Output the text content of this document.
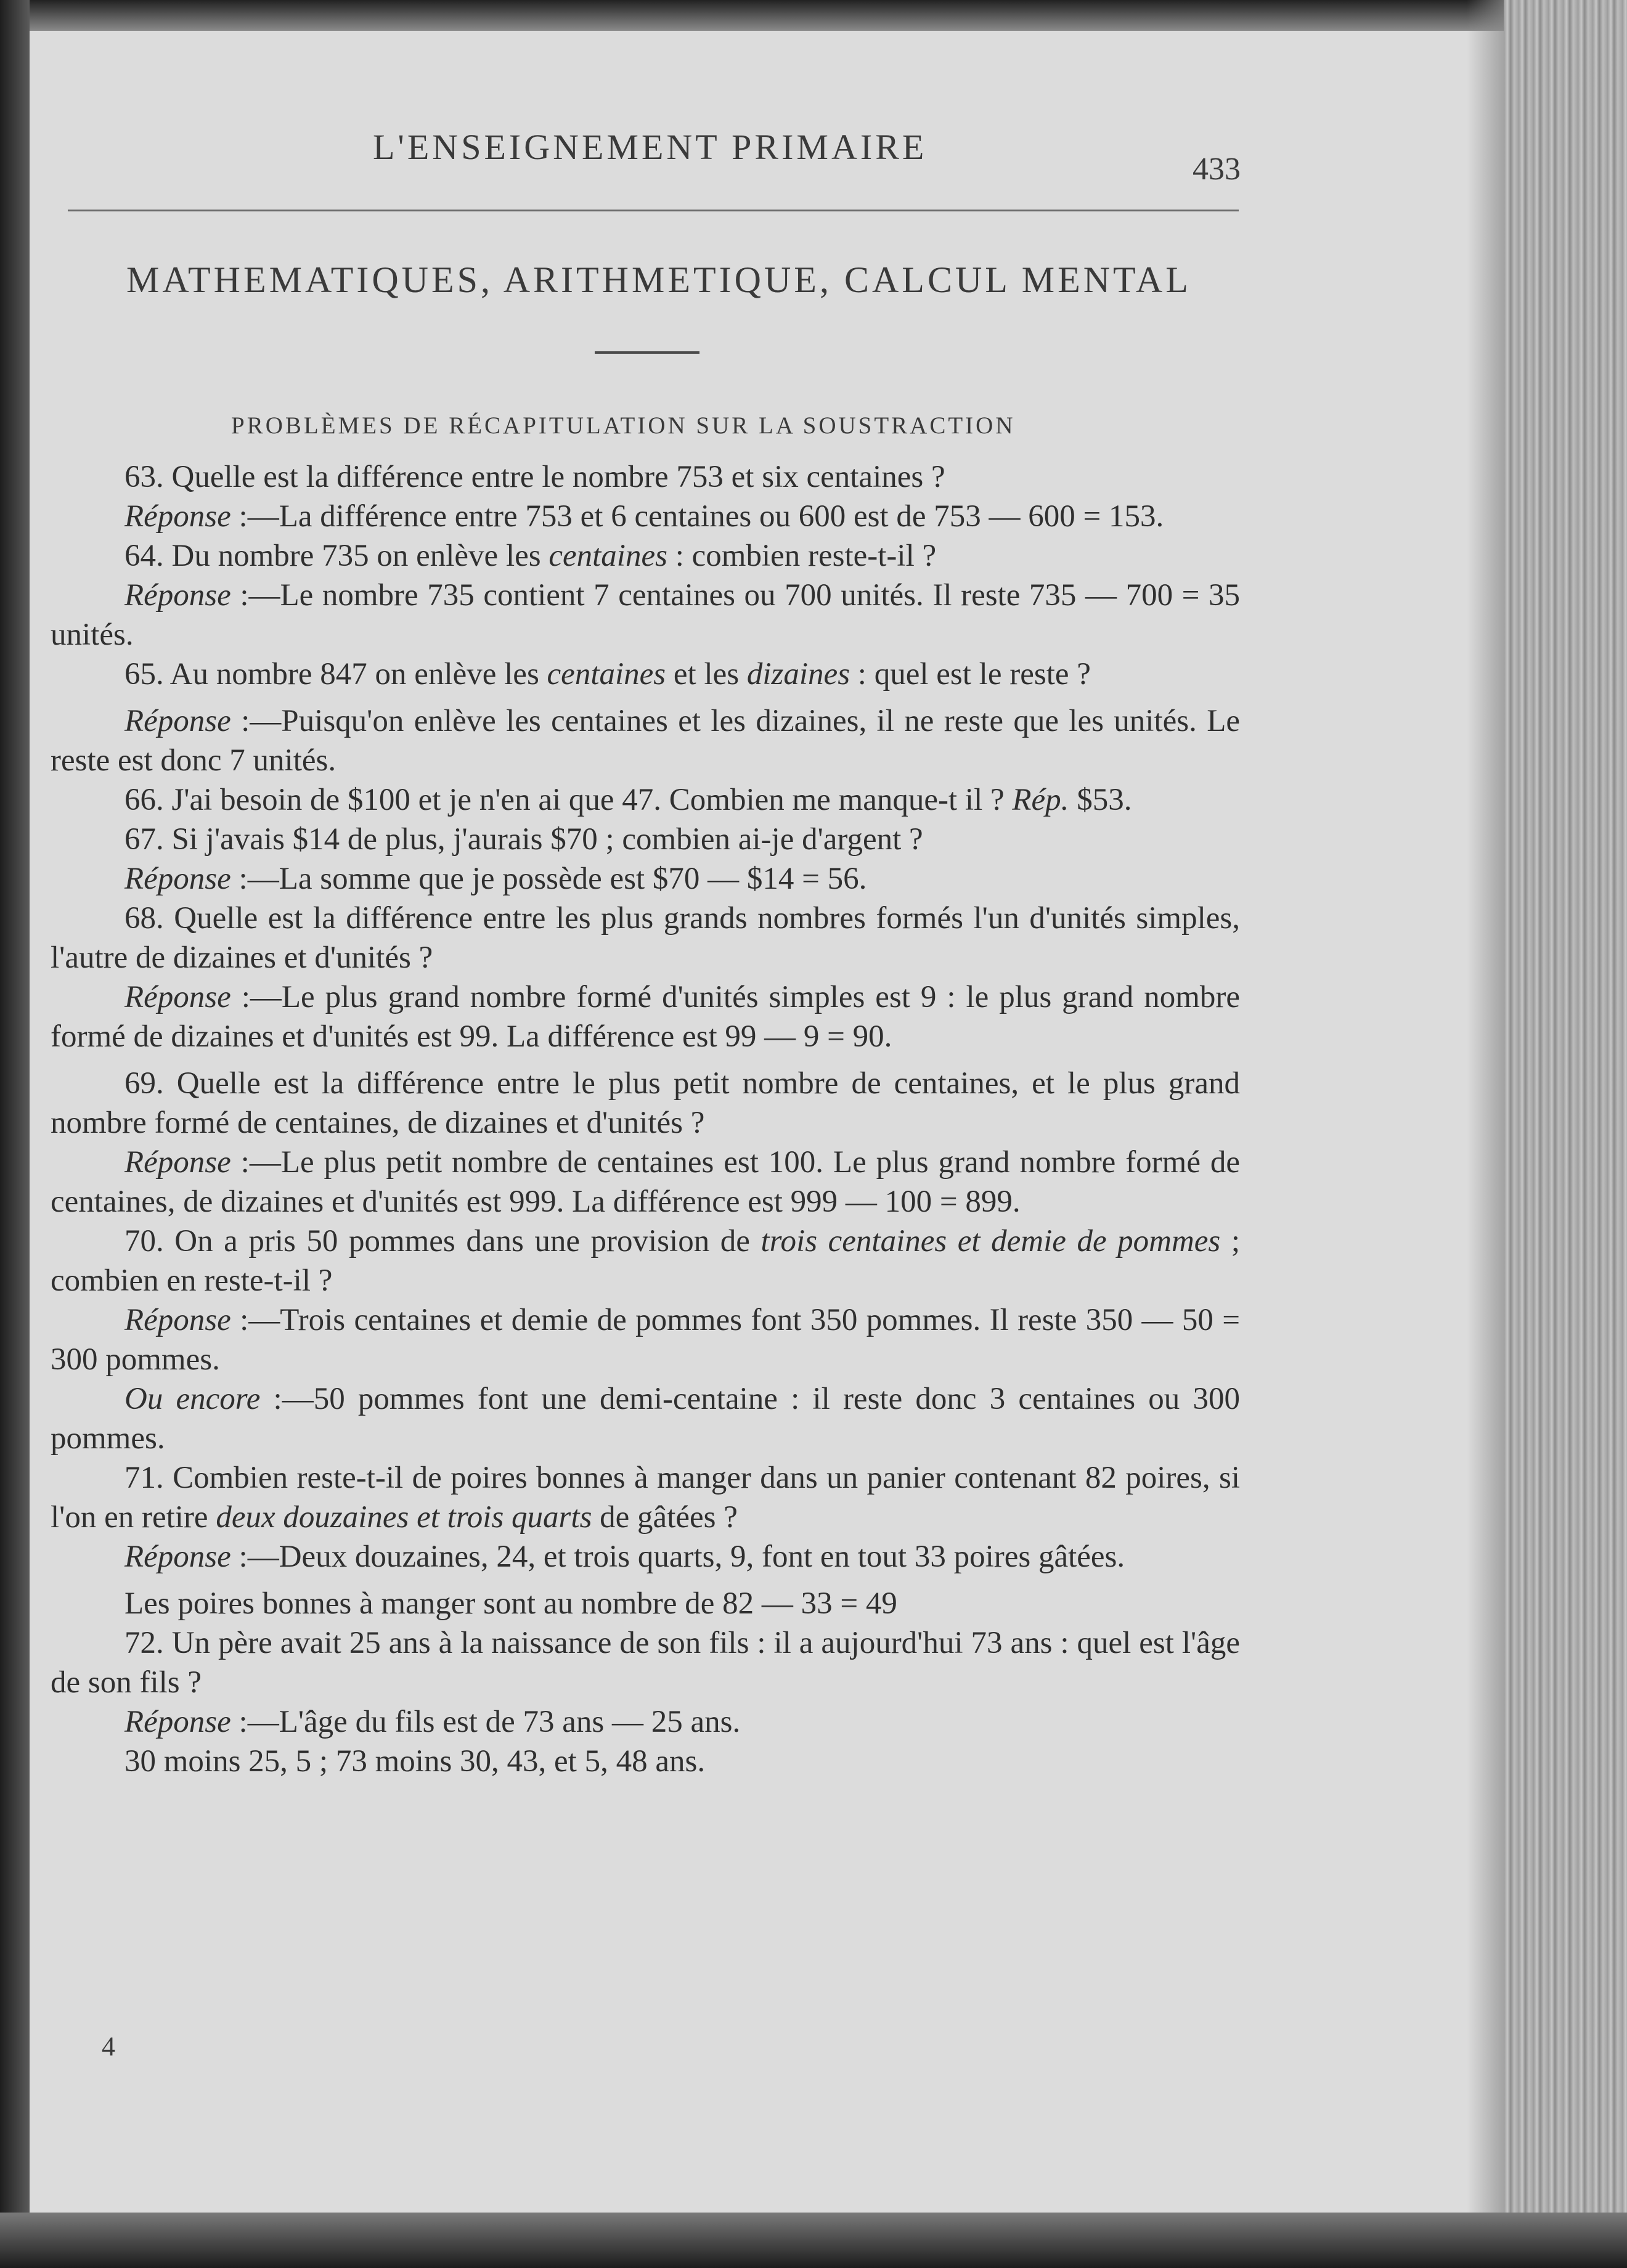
L'ENSEIGNEMENT PRIMAIRE
433
MATHEMATIQUES, ARITHMETIQUE, CALCUL MENTAL
PROBLÈMES DE RÉCAPITULATION SUR LA SOUSTRACTION

63. Quelle est la différence entre le nombre 753 et six centaines ?

Réponse :—La différence entre 753 et 6 centaines ou 600 est de 753 — 600 = 153.

64. Du nombre 735 on enlève les centaines : combien reste-t-il ?

Réponse :—Le nombre 735 contient 7 centaines ou 700 unités. Il reste 735 — 700 = 35 unités.

65. Au nombre 847 on enlève les centaines et les dizaines : quel est le reste ?

Réponse :—Puisqu'on enlève les centaines et les dizaines, il ne reste que les unités. Le reste est donc 7 unités.

66. J'ai besoin de $100 et je n'en ai que 47. Combien me manque-t il ? Rép. $53.

67. Si j'avais $14 de plus, j'aurais $70 ; combien ai-je d'argent ?

Réponse :—La somme que je possède est $70 — $14 = 56.

68. Quelle est la différence entre les plus grands nombres formés l'un d'unités simples, l'autre de dizaines et d'unités ?

Réponse :—Le plus grand nombre formé d'unités simples est 9 : le plus grand nombre formé de dizaines et d'unités est 99. La différence est 99 — 9 = 90.

69. Quelle est la différence entre le plus petit nombre de centaines, et le plus grand nombre formé de centaines, de dizaines et d'unités ?

Réponse :—Le plus petit nombre de centaines est 100. Le plus grand nombre formé de centaines, de dizaines et d'unités est 999. La différence est 999 — 100 = 899.

70. On a pris 50 pommes dans une provision de trois centaines et demie de pommes ; combien en reste-t-il ?

Réponse :—Trois centaines et demie de pommes font 350 pommes. Il reste 350 — 50 = 300 pommes.

Ou encore :—50 pommes font une demi-centaine : il reste donc 3 centaines ou 300 pommes.

71. Combien reste-t-il de poires bonnes à manger dans un panier contenant 82 poires, si l'on en retire deux douzaines et trois quarts de gâtées ?

Réponse :—Deux douzaines, 24, et trois quarts, 9, font en tout 33 poires gâtées.

Les poires bonnes à manger sont au nombre de 82 — 33 = 49

72. Un père avait 25 ans à la naissance de son fils : il a aujourd'hui 73 ans : quel est l'âge de son fils ?

Réponse :—L'âge du fils est de 73 ans — 25 ans.

30 moins 25, 5 ; 73 moins 30, 43, et 5, 48 ans.

4
